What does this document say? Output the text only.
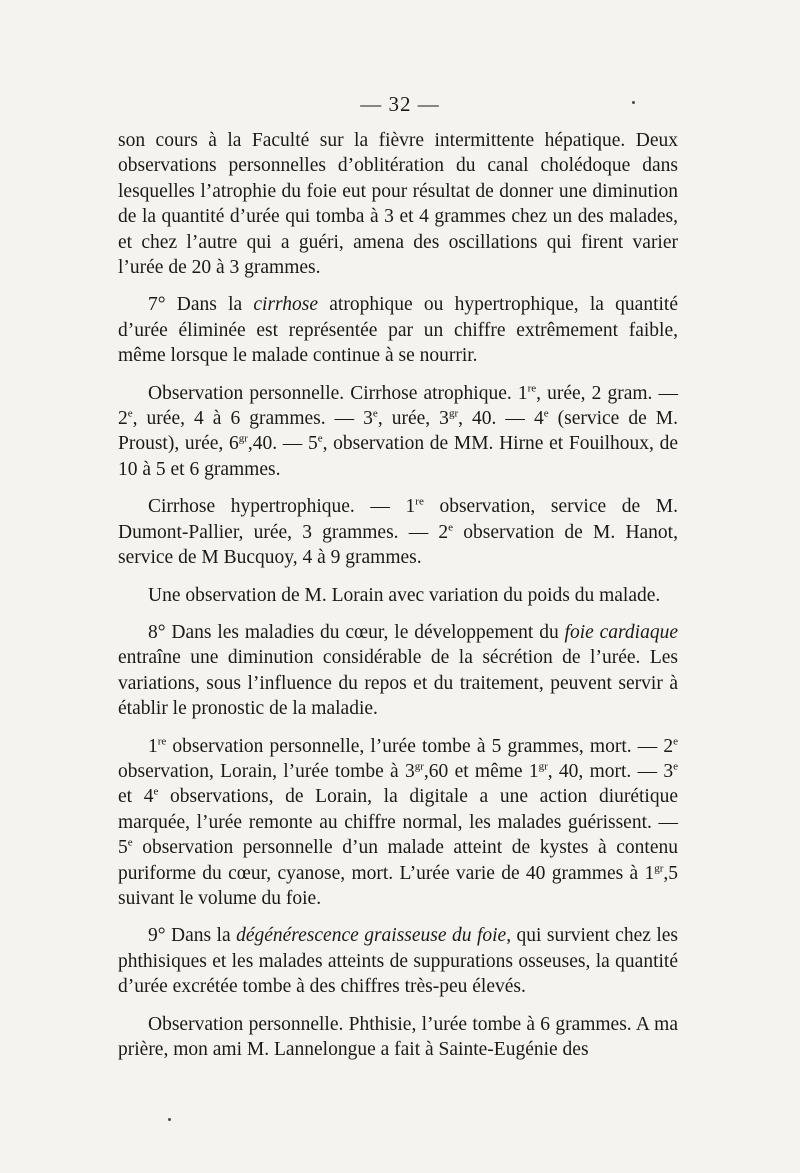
— 32 —

son cours à la Faculté sur la fièvre intermittente hépatique. Deux observations personnelles d’oblitération du canal cholédoque dans lesquelles l’atrophie du foie eut pour résultat de donner une diminution de la quantité d’urée qui tomba à 3 et 4 grammes chez un des malades, et chez l’autre qui a guéri, amena des oscillations qui firent varier l’urée de 20 à 3 grammes.

7° Dans la cirrhose atrophique ou hypertrophique, la quantité d’urée éliminée est représentée par un chiffre extrêmement faible, même lorsque le malade continue à se nourrir.

Observation personnelle. Cirrhose atrophique. 1re, urée, 2 gram. — 2e, urée, 4 à 6 grammes. — 3e, urée, $3^{gr}$, 40. — 4e (service de M. Proust), urée, $6^{gr},40$. — 5e, observation de MM. Hirne et Fouilhoux, de 10 à 5 et 6 grammes.

Cirrhose hypertrophique. — 1re observation, service de M. Dumont-Pallier, urée, 3 grammes. — 2e observation de M. Hanot, service de M Bucquoy, 4 à 9 grammes.

Une observation de M. Lorain avec variation du poids du malade.

8° Dans les maladies du cœur, le développement du foie cardiaque entraîne une diminution considérable de la sécrétion de l’urée. Les variations, sous l’influence du repos et du traitement, peuvent servir à établir le pronostic de la maladie.

1re observation personnelle, l’urée tombe à 5 grammes, mort. — 2e observation, Lorain, l’urée tombe à $3^{gr},60$ et même $1^{gr}$, 40, mort. — 3e et 4e observations, de Lorain, la digitale a une action diurétique marquée, l’urée remonte au chiffre normal, les malades guérissent. — 5e observation personnelle d’un malade atteint de kystes à contenu puriforme du cœur, cyanose, mort. L’urée varie de 40 grammes à $1^{gr},5$ suivant le volume du foie.

9° Dans la dégénérescence graisseuse du foie, qui survient chez les phthisiques et les malades atteints de suppurations osseuses, la quantité d’urée excrétée tombe à des chiffres très-peu élevés.

Observation personnelle. Phthisie, l’urée tombe à 6 grammes. A ma prière, mon ami M. Lannelongue a fait à Sainte-Eugénie des
